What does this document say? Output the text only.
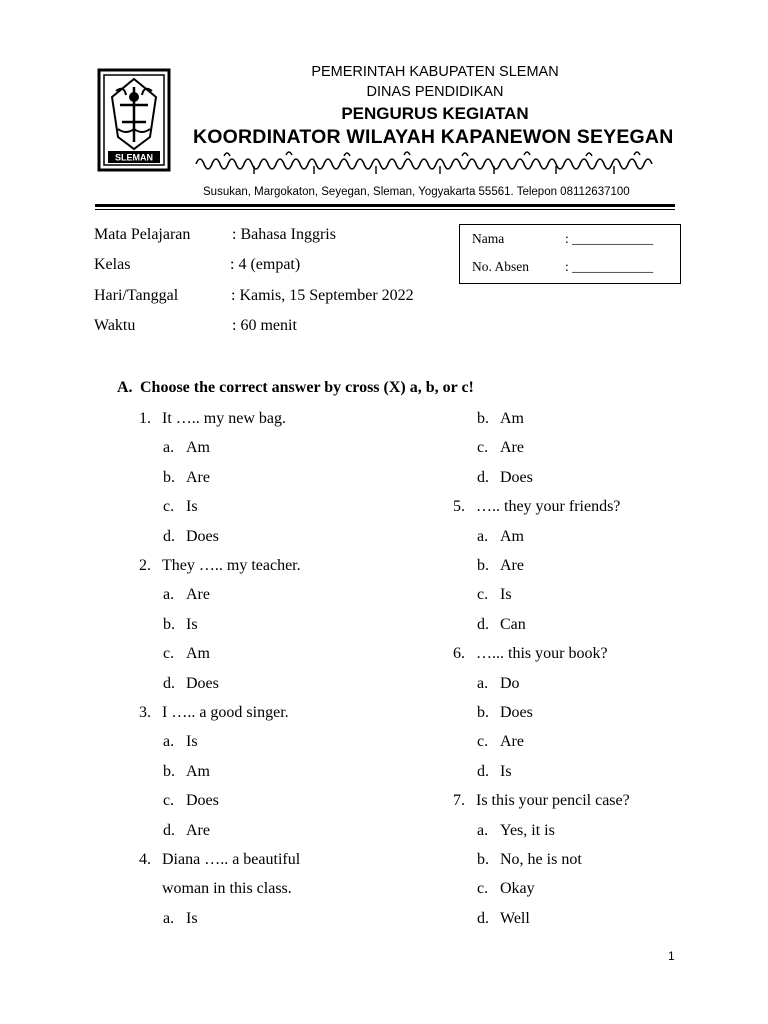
SLEMAN
PEMERINTAH KABUPATEN SLEMAN
DINAS PENDIDIKAN
PENGURUS KEGIATAN
KOORDINATOR WILAYAH KAPANEWON SEYEGAN
Susukan, Margokaton, Seyegan, Sleman, Yogyakarta 55561. Telepon 08112637100
Mata Pelajaran	: Bahasa Inggris
Kelas	: 4 (empat)
Hari/Tanggal	: Kamis, 15 September 2022
Waktu	: 60 menit
Nama	: ____________
No. Absen	: ____________
A. Choose the correct answer by cross (X) a, b, or c!
1. It ….. my new bag.
a. Am
b. Are
c. Is
d. Does
2. They ….. my teacher.
a. Are
b. Is
c. Am
d. Does
3. I ….. a good singer.
a. Is
b. Am
c. Does
d. Are
4. Diana ….. a beautiful
woman in this class.
a. Is
b. Am
c. Are
d. Does
5. ….. they your friends?
a. Am
b. Are
c. Is
d. Can
6. …... this your book?
a. Do
b. Does
c. Are
d. Is
7. Is this your pencil case?
a. Yes, it is
b. No, he is not
c. Okay
d. Well
1
